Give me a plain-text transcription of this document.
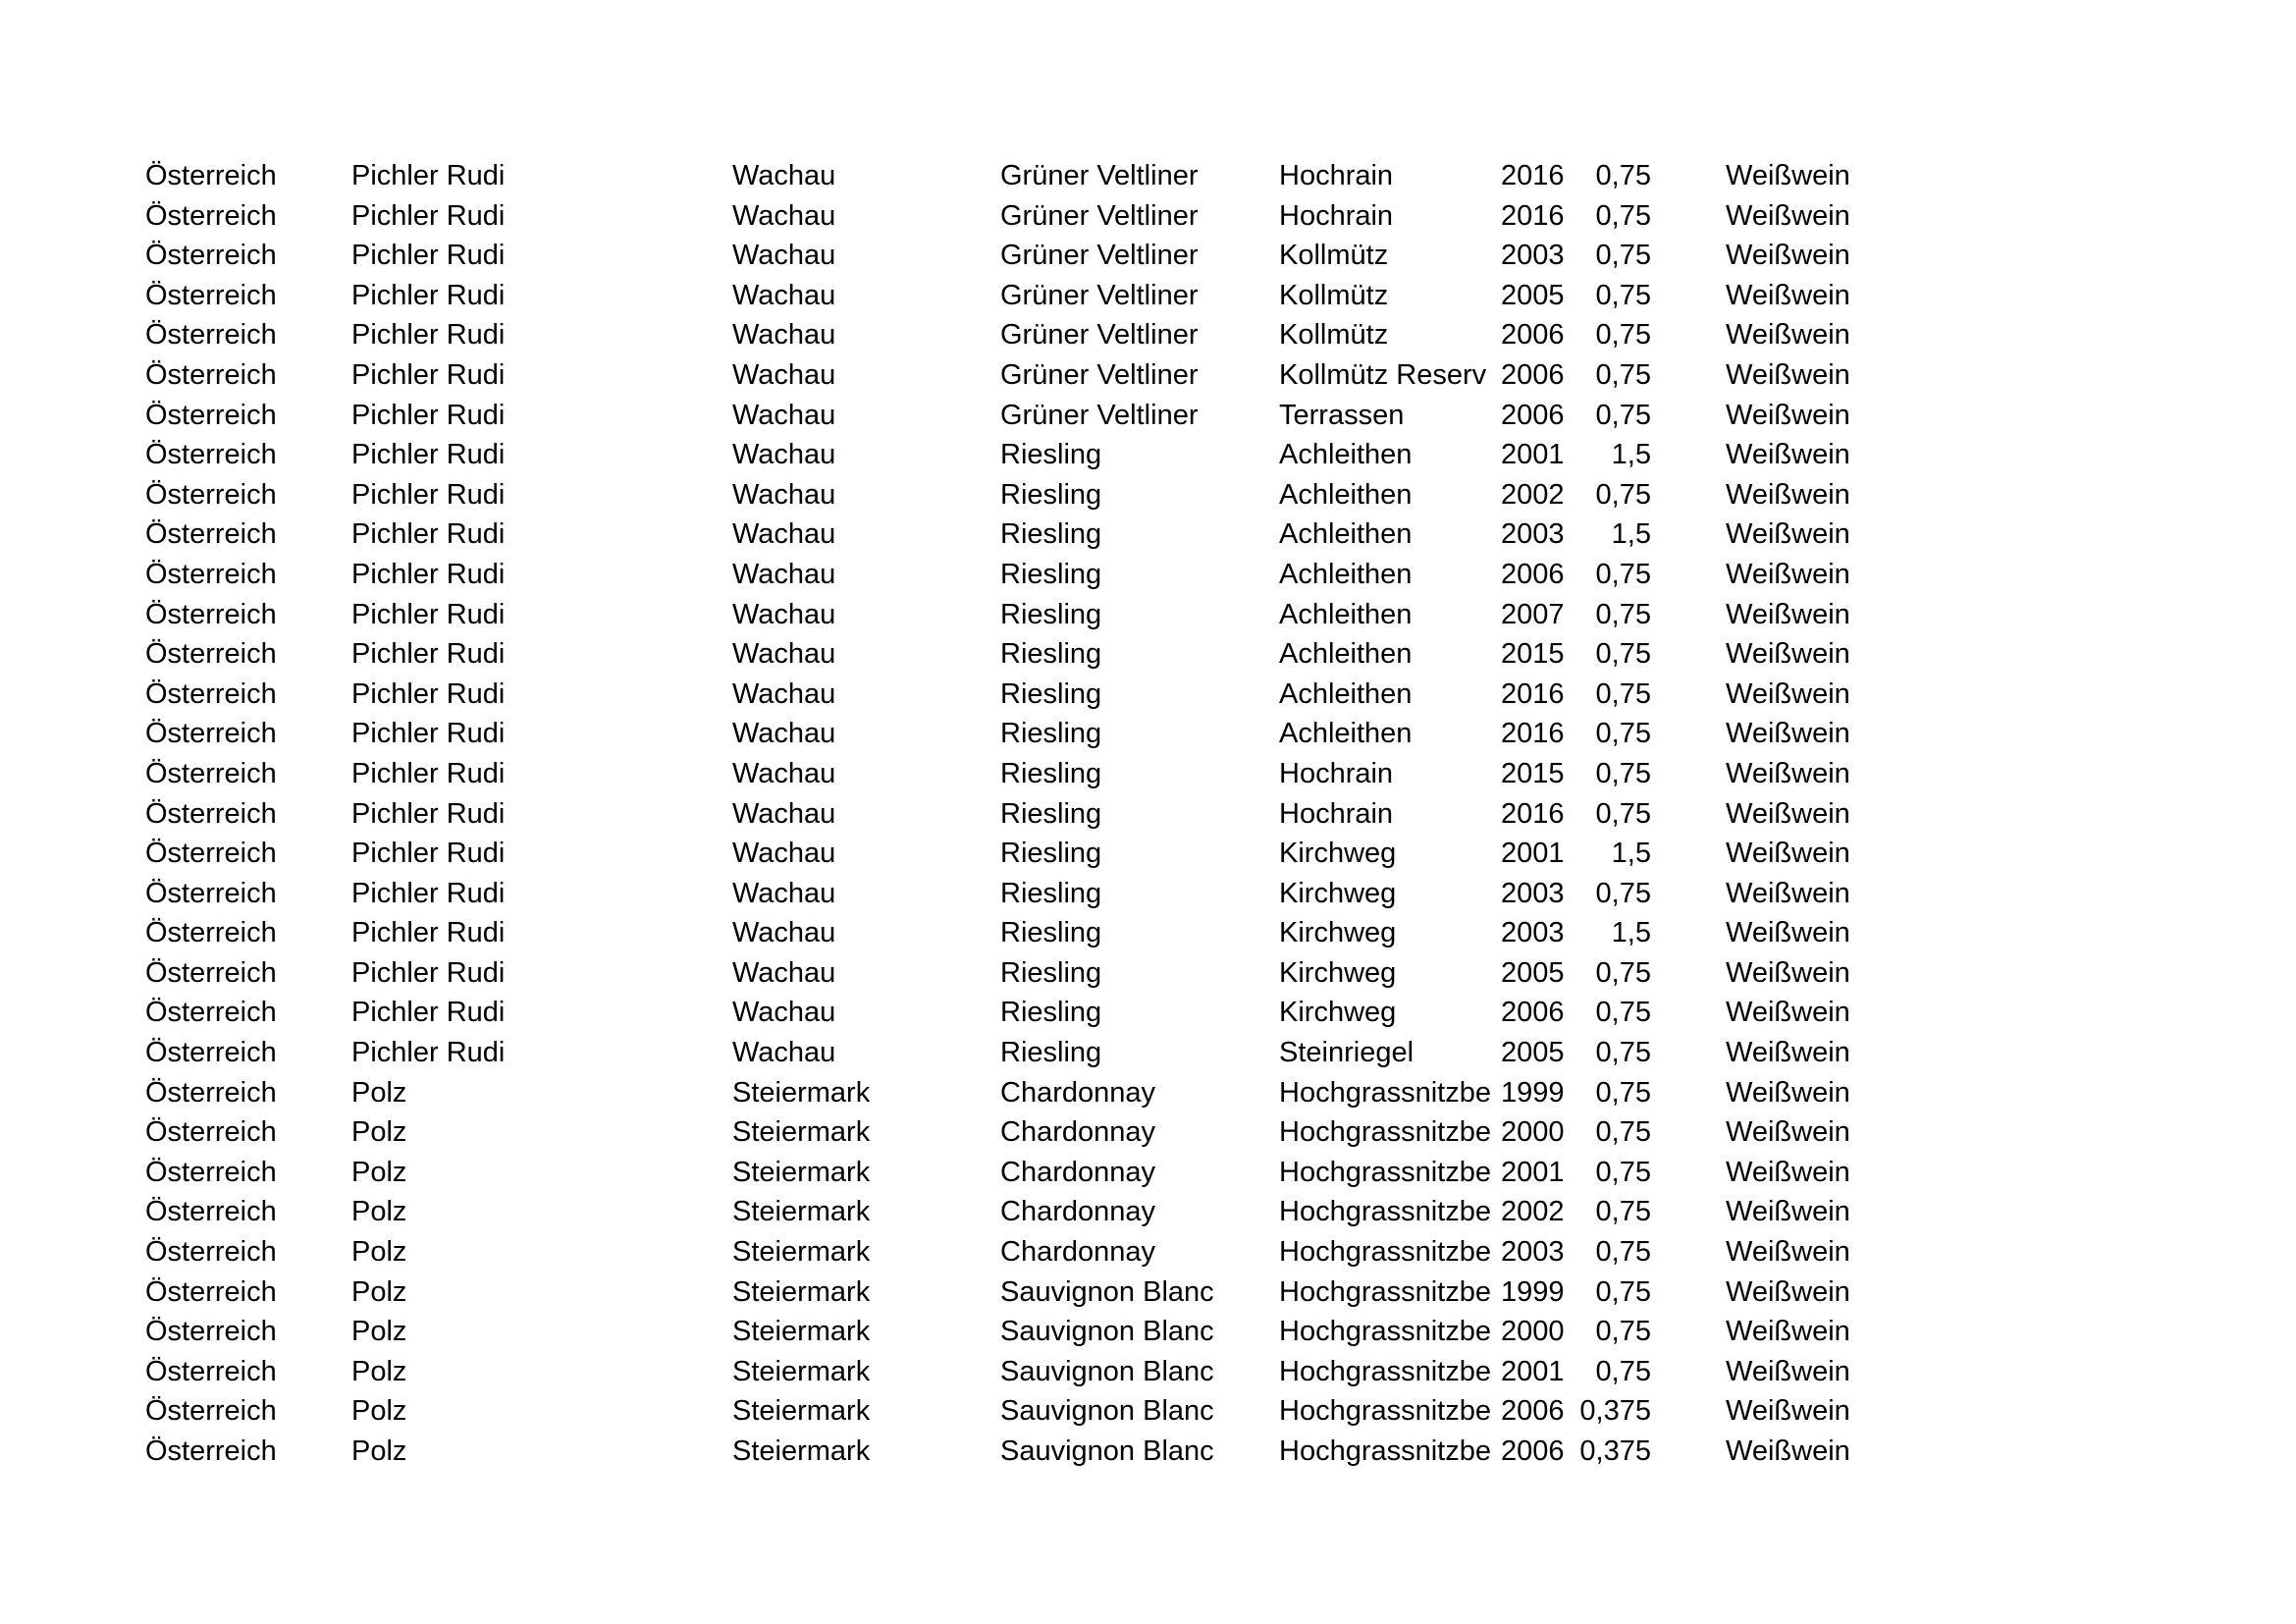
Österreich	Pichler Rudi	Wachau	Grüner Veltliner	Hochrain	2016	0,75	Weißwein
Österreich	Pichler Rudi	Wachau	Grüner Veltliner	Hochrain	2016	0,75	Weißwein
Österreich	Pichler Rudi	Wachau	Grüner Veltliner	Kollmütz	2003	0,75	Weißwein
Österreich	Pichler Rudi	Wachau	Grüner Veltliner	Kollmütz	2005	0,75	Weißwein
Österreich	Pichler Rudi	Wachau	Grüner Veltliner	Kollmütz	2006	0,75	Weißwein
Österreich	Pichler Rudi	Wachau	Grüner Veltliner	Kollmütz Reserv	2006	0,75	Weißwein
Österreich	Pichler Rudi	Wachau	Grüner Veltliner	Terrassen	2006	0,75	Weißwein
Österreich	Pichler Rudi	Wachau	Riesling	Achleithen	2001	1,5	Weißwein
Österreich	Pichler Rudi	Wachau	Riesling	Achleithen	2002	0,75	Weißwein
Österreich	Pichler Rudi	Wachau	Riesling	Achleithen	2003	1,5	Weißwein
Österreich	Pichler Rudi	Wachau	Riesling	Achleithen	2006	0,75	Weißwein
Österreich	Pichler Rudi	Wachau	Riesling	Achleithen	2007	0,75	Weißwein
Österreich	Pichler Rudi	Wachau	Riesling	Achleithen	2015	0,75	Weißwein
Österreich	Pichler Rudi	Wachau	Riesling	Achleithen	2016	0,75	Weißwein
Österreich	Pichler Rudi	Wachau	Riesling	Achleithen	2016	0,75	Weißwein
Österreich	Pichler Rudi	Wachau	Riesling	Hochrain	2015	0,75	Weißwein
Österreich	Pichler Rudi	Wachau	Riesling	Hochrain	2016	0,75	Weißwein
Österreich	Pichler Rudi	Wachau	Riesling	Kirchweg	2001	1,5	Weißwein
Österreich	Pichler Rudi	Wachau	Riesling	Kirchweg	2003	0,75	Weißwein
Österreich	Pichler Rudi	Wachau	Riesling	Kirchweg	2003	1,5	Weißwein
Österreich	Pichler Rudi	Wachau	Riesling	Kirchweg	2005	0,75	Weißwein
Österreich	Pichler Rudi	Wachau	Riesling	Kirchweg	2006	0,75	Weißwein
Österreich	Pichler Rudi	Wachau	Riesling	Steinriegel	2005	0,75	Weißwein
Österreich	Polz	Steiermark	Chardonnay	Hochgrassnitzbe	1999	0,75	Weißwein
Österreich	Polz	Steiermark	Chardonnay	Hochgrassnitzbe	2000	0,75	Weißwein
Österreich	Polz	Steiermark	Chardonnay	Hochgrassnitzbe	2001	0,75	Weißwein
Österreich	Polz	Steiermark	Chardonnay	Hochgrassnitzbe	2002	0,75	Weißwein
Österreich	Polz	Steiermark	Chardonnay	Hochgrassnitzbe	2003	0,75	Weißwein
Österreich	Polz	Steiermark	Sauvignon Blanc	Hochgrassnitzbe	1999	0,75	Weißwein
Österreich	Polz	Steiermark	Sauvignon Blanc	Hochgrassnitzbe	2000	0,75	Weißwein
Österreich	Polz	Steiermark	Sauvignon Blanc	Hochgrassnitzbe	2001	0,75	Weißwein
Österreich	Polz	Steiermark	Sauvignon Blanc	Hochgrassnitzbe	2006	0,375	Weißwein
Österreich	Polz	Steiermark	Sauvignon Blanc	Hochgrassnitzbe	2006	0,375	Weißwein
